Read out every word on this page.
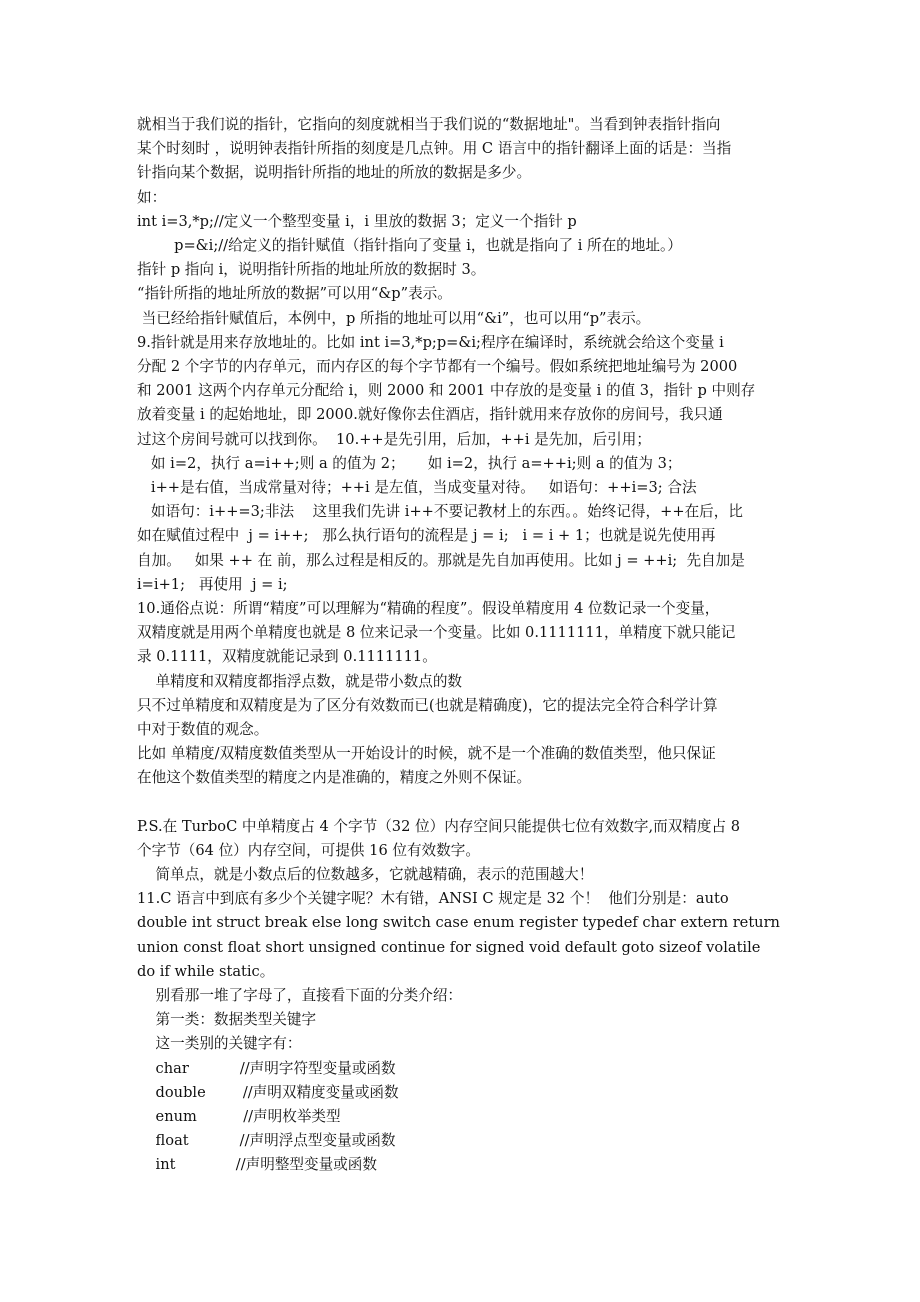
就相当于我们说的指针，它指向的刻度就相当于我们说的“数据地址"。当看到钟表指针指向
某个时刻时 ，说明钟表指针所指的刻度是几点钟。用 C 语言中的指针翻译上面的话是：当指
针指向某个数据，说明指针所指的地址的所放的数据是多少。
如：
int i=3,*p;//定义一个整型变量 i，i 里放的数据 3；定义一个指针 p
p=&i;//给定义的指针赋值（指针指向了变量 i，也就是指向了 i 所在的地址。）
指针 p 指向 i，说明指针所指的地址所放的数据时 3。
“指针所指的地址所放的数据”可以用“&p”表示。
当已经给指针赋值后，本例中，p 所指的地址可以用“&i”，也可以用“p”表示。
9.指针就是用来存放地址的。比如 int i=3,*p;p=&i;程序在编译时，系统就会给这个变量 i
分配 2 个字节的内存单元，而内存区的每个字节都有一个编号。假如系统把地址编号为 2000
和 2001 这两个内存单元分配给 i，则 2000 和 2001 中存放的是变量 i 的值 3，指针 p 中则存
放着变量 i 的起始地址，即 2000.就好像你去住酒店，指针就用来存放你的房间号，我只通
过这个房间号就可以找到你。  10.++是先引用，后加，++i 是先加，后引用；
如 i=2，执行 a=i++;则 a 的值为 2；     如 i=2，执行 a=++i;则 a 的值为 3；
i++是右值，当成常量对待；++i 是左值，当成变量对待。   如语句：++i=3; 合法
如语句：i++=3;非法    这里我们先讲 i++不要记教材上的东西。。始终记得，++在后，比
如在赋值过程中  j = i++;   那么执行语句的流程是 j = i;   i = i + 1；也就是说先使用再
自加。   如果 ++ 在 前，那么过程是相反的。那就是先自加再使用。比如 j = ++i;  先自加是
i=i+1;   再使用  j = i;
10.通俗点说：所谓“精度”可以理解为“精确的程度”。假设单精度用 4 位数记录一个变量，
双精度就是用两个单精度也就是 8 位来记录一个变量。比如 0.1111111，单精度下就只能记
录 0.1111，双精度就能记录到 0.1111111。
单精度和双精度都指浮点数，就是带小数点的数
只不过单精度和双精度是为了区分有效数而已(也就是精确度)，它的提法完全符合科学计算
中对于数值的观念。
比如 单精度/双精度数值类型从一开始设计的时候，就不是一个准确的数值类型，他只保证
在他这个数值类型的精度之内是准确的，精度之外则不保证。
P.S.在 TurboC 中单精度占 4 个字节（32 位）内存空间只能提供七位有效数字,而双精度占 8
个字节（64 位）内存空间，可提供 16 位有效数字。
简单点，就是小数点后的位数越多，它就越精确，表示的范围越大！
11.C 语言中到底有多少个关键字呢？木有错，ANSI C 规定是 32 个！  他们分别是：auto
double int struct break else long switch case enum register typedef char extern return
union const float short unsigned continue for signed void default goto sizeof volatile
do if while static。
别看那一堆了字母了，直接看下面的分类介绍：
第一类：数据类型关键字
这一类别的关键字有：
char           //声明字符型变量或函数
double        //声明双精度变量或函数
enum          //声明枚举类型
float           //声明浮点型变量或函数
int             //声明整型变量或函数
